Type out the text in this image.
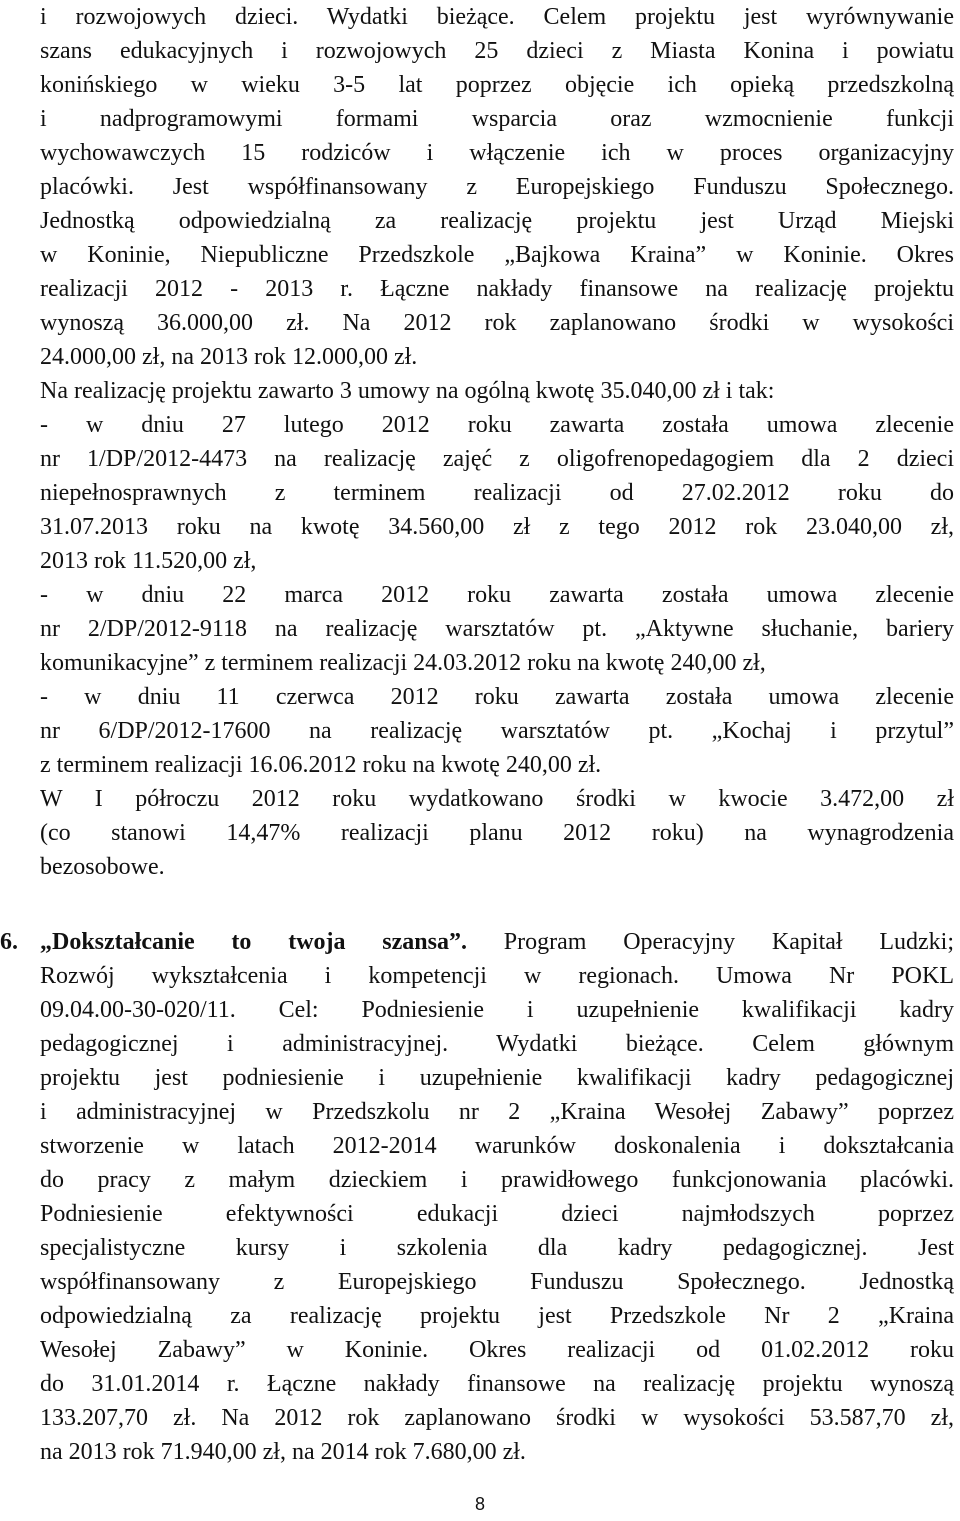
i rozwojowych dzieci. Wydatki bieżące. Celem projektu jest wyrównywanie
szans edukacyjnych i rozwojowych 25 dzieci z Miasta Konina i powiatu
konińskiego w wieku 3-5 lat poprzez objęcie ich opieką przedszkolną
i nadprogramowymi formami wsparcia oraz wzmocnienie funkcji
wychowawczych 15 rodziców i włączenie ich w proces organizacyjny
placówki. Jest współfinansowany z Europejskiego Funduszu Społecznego.
Jednostką odpowiedzialną za realizację projektu jest Urząd Miejski
w Koninie, Niepubliczne Przedszkole „Bajkowa Kraina” w Koninie. Okres
realizacji 2012 - 2013 r. Łączne nakłady finansowe na realizację projektu
wynoszą 36.000,00 zł. Na 2012 rok zaplanowano środki w wysokości
24.000,00 zł, na 2013 rok 12.000,00 zł.
Na realizację projektu zawarto 3 umowy na ogólną kwotę 35.040,00 zł i tak:
- w dniu 27 lutego 2012 roku zawarta została umowa zlecenie
nr 1/DP/2012-4473 na realizację zajęć z oligofrenopedagogiem dla 2 dzieci
niepełnosprawnych z terminem realizacji od 27.02.2012 roku do
31.07.2013 roku na kwotę 34.560,00 zł z tego 2012 rok 23.040,00 zł,
2013 rok 11.520,00 zł,
- w dniu 22 marca 2012 roku zawarta została umowa zlecenie
nr 2/DP/2012-9118 na realizację warsztatów pt. „Aktywne słuchanie, bariery
komunikacyjne” z terminem realizacji 24.03.2012 roku na kwotę 240,00 zł,
- w dniu 11 czerwca 2012 roku zawarta została umowa zlecenie
nr 6/DP/2012-17600 na realizację warsztatów pt. „Kochaj i przytul”
z terminem realizacji 16.06.2012 roku na kwotę 240,00 zł.
W I półroczu 2012 roku wydatkowano środki w kwocie 3.472,00 zł
(co stanowi 14,47% realizacji planu 2012 roku) na wynagrodzenia
bezosobowe.
6. „Dokształcanie to twoja szansa”. Program Operacyjny Kapitał Ludzki;
Rozwój wykształcenia i kompetencji w regionach. Umowa Nr POKL
09.04.00-30-020/11. Cel: Podniesienie i uzupełnienie kwalifikacji kadry
pedagogicznej i administracyjnej. Wydatki bieżące. Celem głównym
projektu jest podniesienie i uzupełnienie kwalifikacji kadry pedagogicznej
i administracyjnej w Przedszkolu nr 2 „Kraina Wesołej Zabawy” poprzez
stworzenie w latach 2012-2014 warunków doskonalenia i dokształcania
do pracy z małym dzieckiem i prawidłowego funkcjonowania placówki.
Podniesienie efektywności edukacji dzieci najmłodszych poprzez
specjalistyczne kursy i szkolenia dla kadry pedagogicznej. Jest
współfinansowany z Europejskiego Funduszu Społecznego. Jednostką
odpowiedzialną za realizację projektu jest Przedszkole Nr 2 „Kraina
Wesołej Zabawy” w Koninie. Okres realizacji od 01.02.2012 roku
do 31.01.2014 r. Łączne nakłady finansowe na realizację projektu wynoszą
133.207,70 zł. Na 2012 rok zaplanowano środki w wysokości 53.587,70 zł,
na 2013 rok 71.940,00 zł, na 2014 rok 7.680,00 zł.
8
